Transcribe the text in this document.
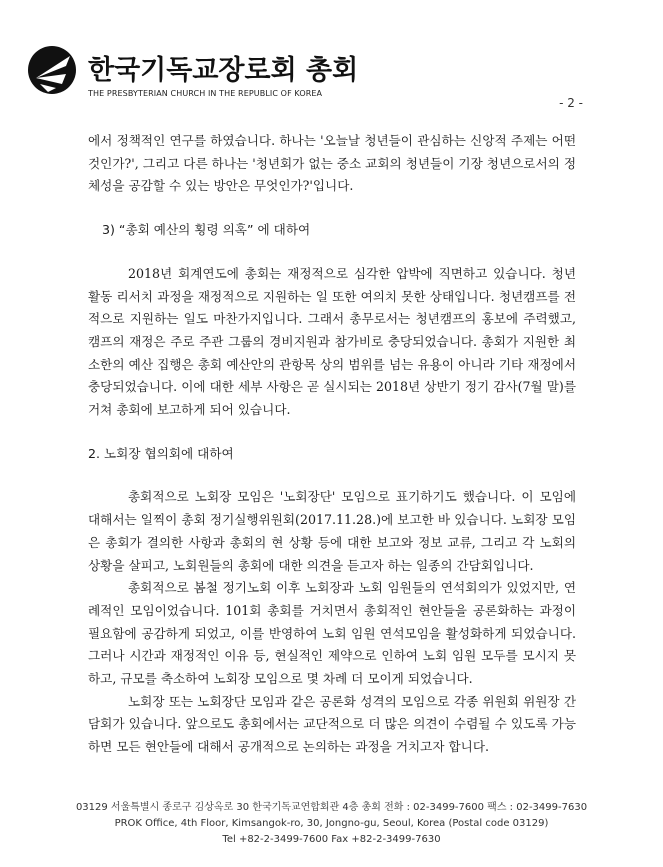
한국기독교장로회 총회
THE PRESBYTERIAN CHURCH IN THE REPUBLIC OF KOREA
- 2 -

에서 정책적인 연구를 하였습니다. 하나는 '오늘날 청년들이 관심하는 신앙적 주제는 어떤 것인가?', 그리고 다른 하나는 '청년회가 없는 중소 교회의 청년들이 기장 청년으로서의 정체성을 공감할 수 있는 방안은 무엇인가?'입니다.

3) “총회 예산의 횡령 의혹” 에 대하여

2018년 회계연도에 총회는 재정적으로 심각한 압박에 직면하고 있습니다. 청년 활동 리서치 과정을 재정적으로 지원하는 일 또한 여의치 못한 상태입니다. 청년캠프를 전적으로 지원하는 일도 마찬가지입니다. 그래서 총무로서는 청년캠프의 홍보에 주력했고, 캠프의 재정은 주로 주관 그룹의 경비지원과 참가비로 충당되었습니다. 총회가 지원한 최소한의 예산 집행은 총회 예산안의 관항목 상의 범위를 넘는 유용이 아니라 기타 재정에서 충당되었습니다. 이에 대한 세부 사항은 곧 실시되는 2018년 상반기 정기 감사(7월 말)를 거쳐 총회에 보고하게 되어 있습니다.

2. 노회장 협의회에 대하여

총회적으로 노회장 모임은 '노회장단' 모임으로 표기하기도 했습니다. 이 모임에 대해서는 일찍이 총회 정기실행위원회(2017.11.28.)에 보고한 바 있습니다. 노회장 모임은 총회가 결의한 사항과 총회의 현 상황 등에 대한 보고와 정보 교류, 그리고 각 노회의 상황을 살피고, 노회원들의 총회에 대한 의견을 듣고자 하는 일종의 간담회입니다.

총회적으로 봄철 정기노회 이후 노회장과 노회 임원들의 연석회의가 있었지만, 연례적인 모임이었습니다. 101회 총회를 거치면서 총회적인 현안들을 공론화하는 과정이 필요함에 공감하게 되었고, 이를 반영하여 노회 임원 연석모임을 활성화하게 되었습니다. 그러나 시간과 재정적인 이유 등, 현실적인 제약으로 인하여 노회 임원 모두를 모시지 못하고, 규모를 축소하여 노회장 모임으로 몇 차례 더 모이게 되었습니다.

노회장 또는 노회장단 모임과 같은 공론화 성격의 모임으로 각종 위원회 위원장 간담회가 있습니다. 앞으로도 총회에서는 교단적으로 더 많은 의견이 수렴될 수 있도록 가능하면 모든 현안들에 대해서 공개적으로 논의하는 과정을 거치고자 합니다.

03129 서울특별시 종로구 김상옥로 30 한국기독교연합회관 4층 총회 전화 : 02-3499-7600 팩스 : 02-3499-7630
PROK Office, 4th Floor, Kimsangok-ro, 30, Jongno-gu, Seoul, Korea (Postal code 03129)
Tel +82-2-3499-7600 Fax +82-2-3499-7630
